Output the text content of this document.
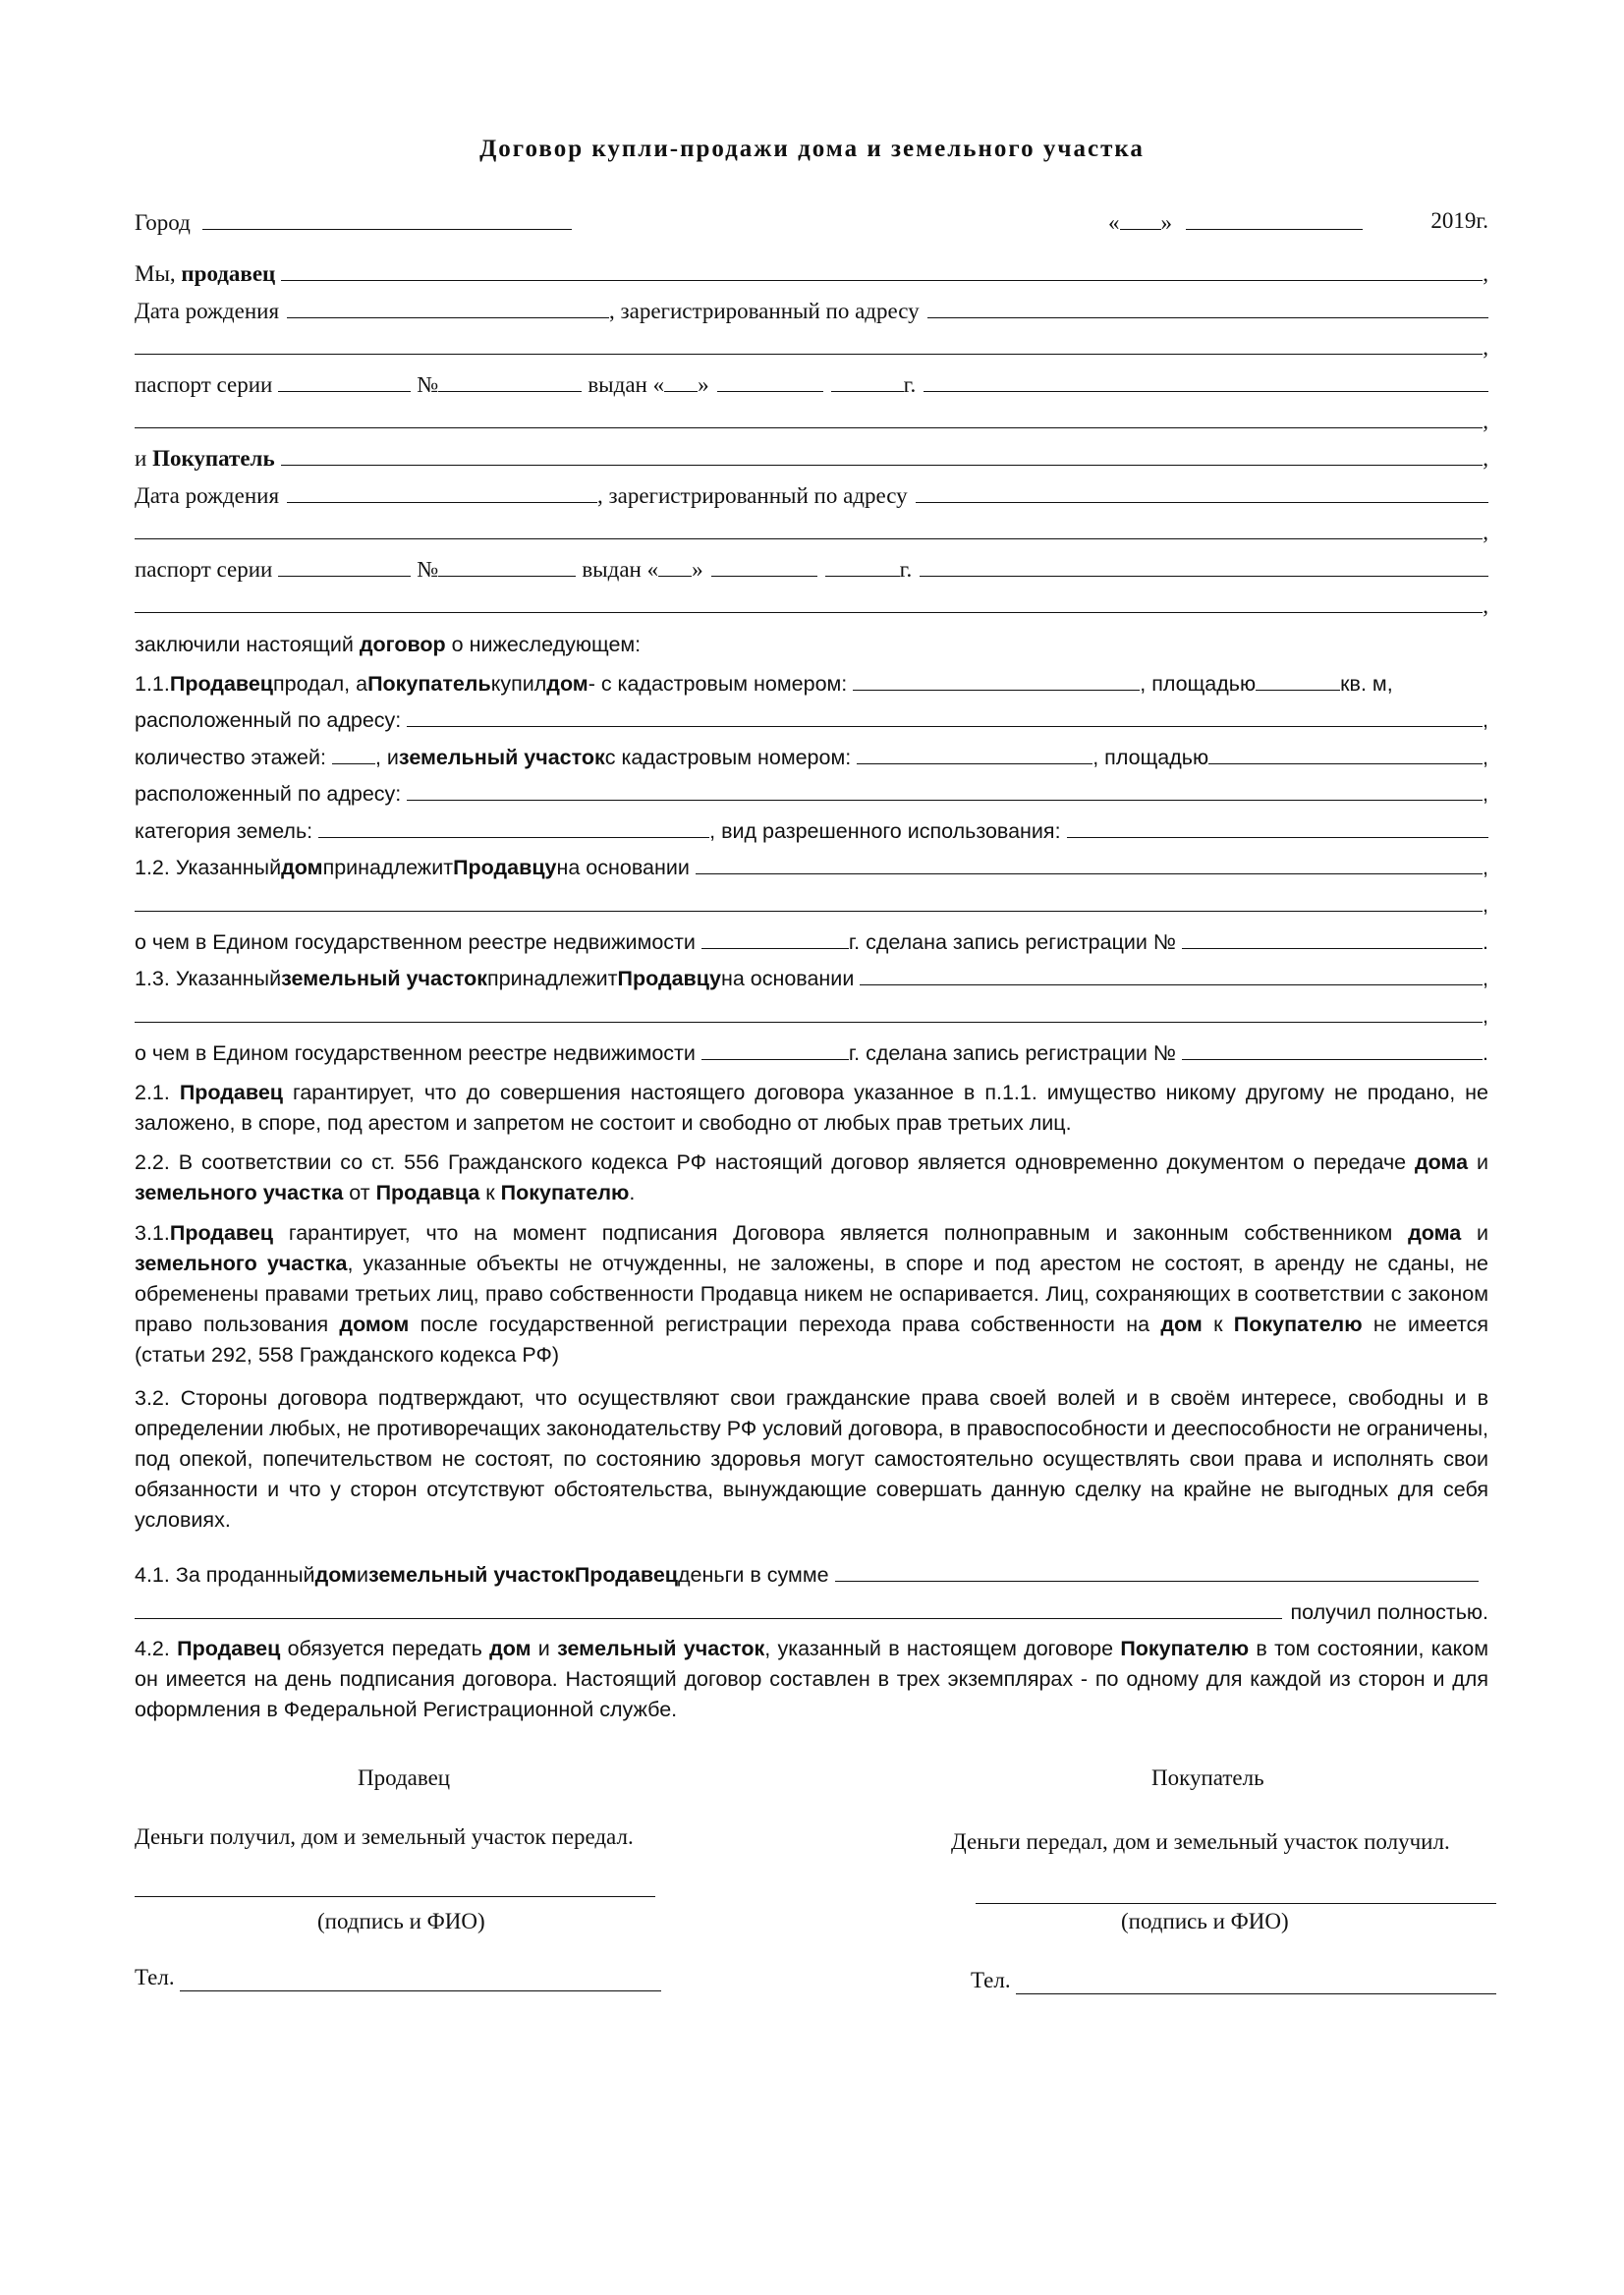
Договор купли-продажи дома и земельного участка
Город	« »	2019г.
Мы,
продавец	,
Дата рождения	, зарегистрированный по адресу
,
паспорт серии	№	выдан « »	г.
,
и
Покупатель	,
Дата рождения	, зарегистрированный по адресу
,
паспорт серии	№	выдан « »	г.
,
заключили настоящий договор о нижеследующем:
1.1. Продавец продал, а Покупатель купил дом - с кадастровым номером:	, площадью	кв. м,
расположенный по адресу:	,
количество этажей: , и земельный участок с кадастровым номером:	, площадью	,
расположенный по адресу:	,
категория земель:	, вид разрешенного использования:
1.2. Указанный дом принадлежит Продавцу на основании	,
,
о чем в Едином государственном реестре недвижимости	г. сделана запись регистрации №	.
1.3. Указанный земельный участок принадлежит Продавцу на основании	,
,
о чем в Едином государственном реестре недвижимости	г. сделана запись регистрации №	.
2.1. Продавец гарантирует, что до совершения настоящего договора указанное в п.1.1. имущество никому другому не продано, не заложено, в споре, под арестом и запретом не состоит и свободно от любых прав третьих лиц.
2.2. В соответствии со ст. 556 Гражданского кодекса РФ настоящий договор является одновременно документом о передаче дома и земельного участка от Продавца к Покупателю.
3.1.Продавец гарантирует, что на момент подписания Договора является полноправным и законным собственником дома и земельного участка, указанные объекты не отчужденны, не заложены, в споре и под арестом не состоят, в аренду не сданы, не обременены правами третьих лиц, право собственности Продавца никем не оспаривается. Лиц, сохраняющих в соответствии с законом право пользования домом после государственной регистрации перехода права собственности на дом к Покупателю не имеется (статьи 292, 558 Гражданского кодекса РФ)
3.2. Стороны договора подтверждают, что осуществляют свои гражданские права своей волей и в своём интересе, свободны и в определении любых, не противоречащих законодательству РФ условий договора, в правоспособности и дееспособности не ограничены, под опекой, попечительством не состоят, по состоянию здоровья могут самостоятельно осуществлять свои права и исполнять свои обязанности и что у сторон отсутствуют обстоятельства, вынуждающие совершать данную сделку на крайне не выгодных для себя условиях.
4.1. За проданный дом и земельный участок Продавец деньги в сумме
получил полностью.
4.2. Продавец обязуется передать дом и земельный участок, указанный в настоящем договоре Покупателю в том состоянии, каком он имеется на день подписания договора. Настоящий договор составлен в трех экземплярах - по одному для каждой из сторон и для оформления в Федеральной Регистрационной службе.
Продавец	Покупатель
Деньги получил, дом и земельный участок передал.	Деньги передал, дом и земельный участок получил.
(подпись и ФИО)	(подпись и ФИО)
Тел.	Тел.
